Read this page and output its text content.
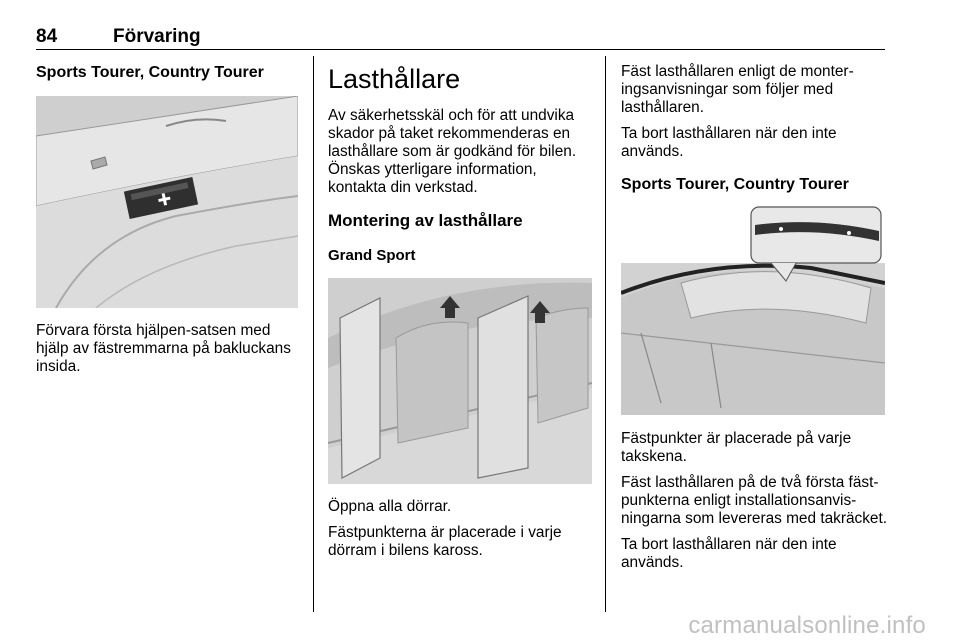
84	Förvaring
Sports Tourer, Country Tourer

Förvara första hjälpen-satsen med hjälp av fästremmarna på bakluckans insida.

Lasthållare

Av säkerhetsskäl och för att undvika skador på taket rekommenderas en lasthållare som är godkänd för bilen. Önskas ytterligare information, kontakta din verkstad.

Montering av lasthållare
Grand Sport

Öppna alla dörrar.

Fästpunkterna är placerade i varje dörram i bilens kaross.

Fäst lasthållaren enligt de monteringsanvisningar som följer med lasthållaren.

Ta bort lasthållaren när den inte används.

Sports Tourer, Country Tourer

Fästpunkter är placerade på varje takskena.

Fäst lasthållaren på de två första fästpunkterna enligt installationsanvisningarna som levereras med takräcket.

Ta bort lasthållaren när den inte används.

carmanualsonline.info
